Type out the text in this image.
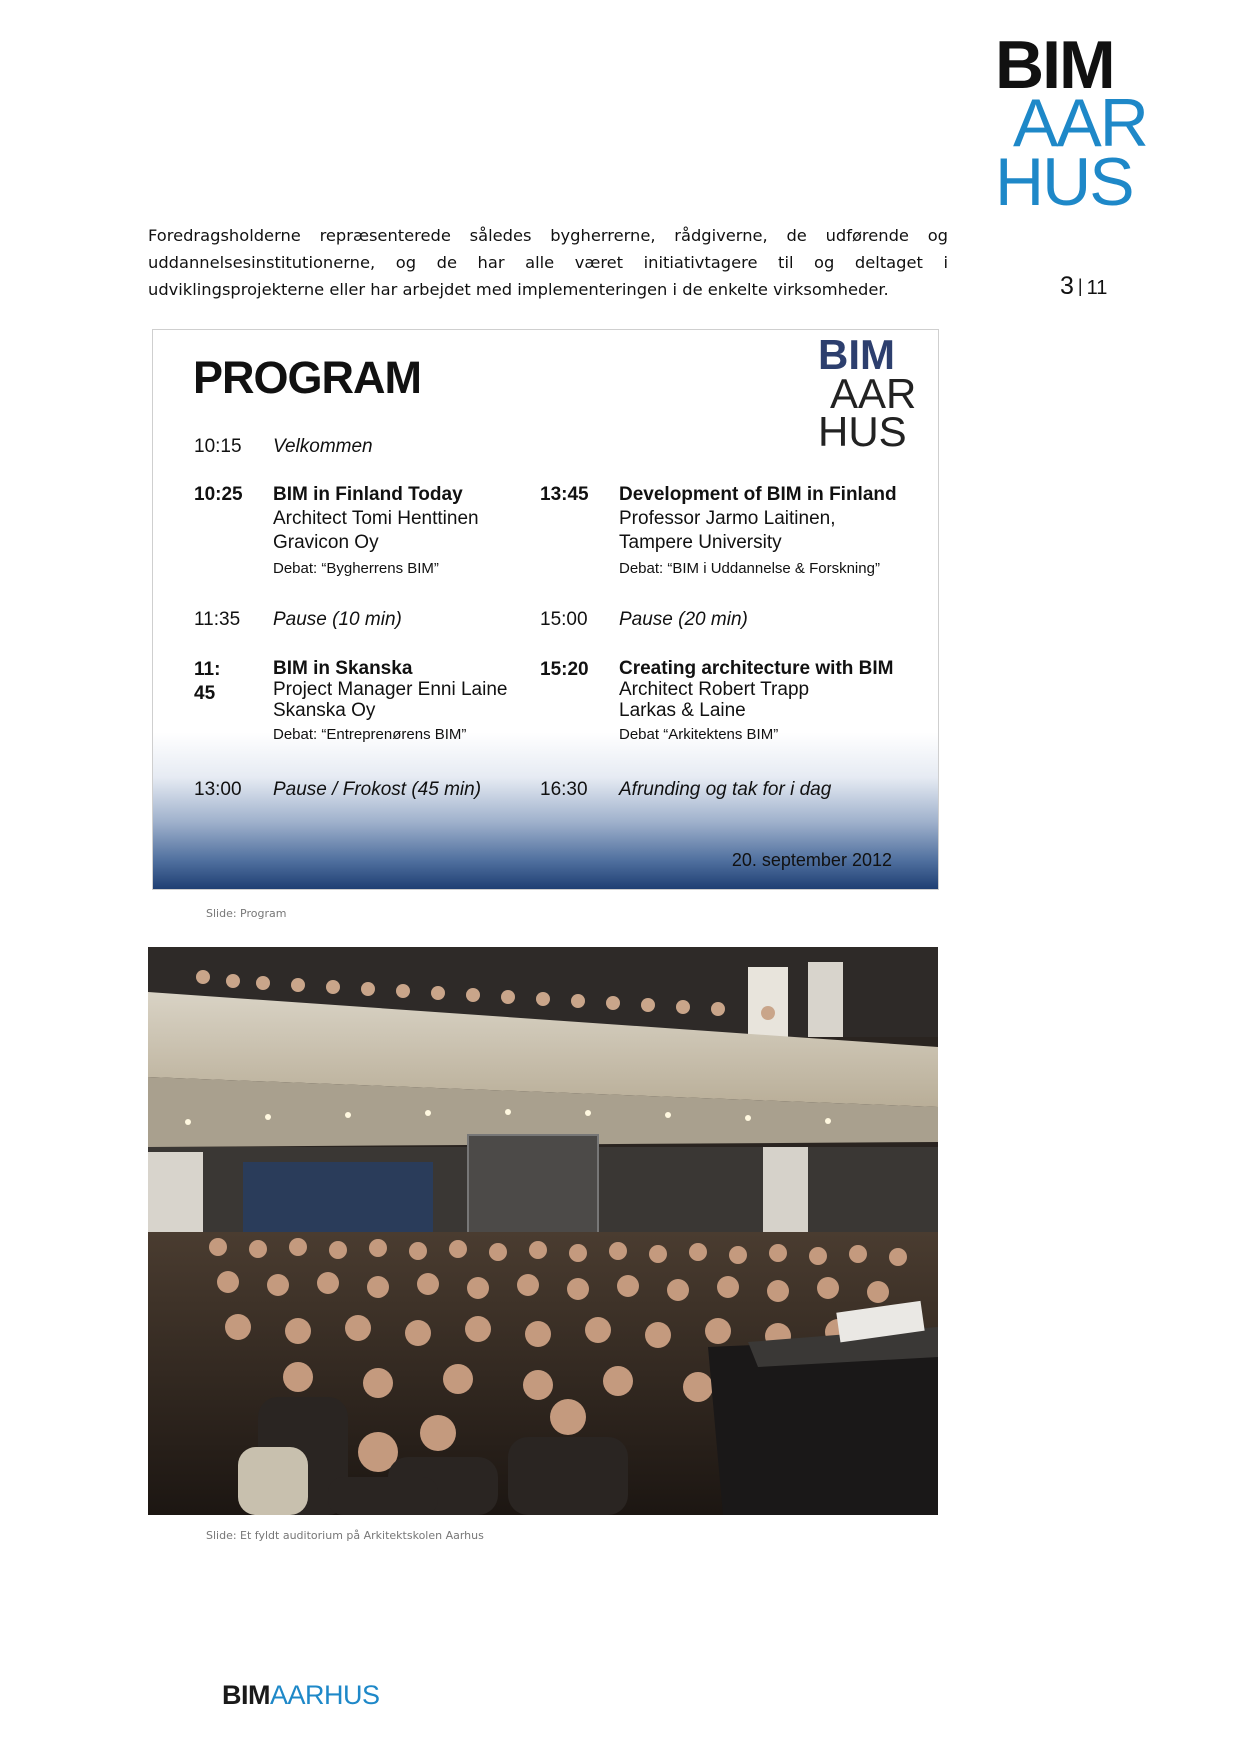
BIM
AAR
HUS
3 | 11

Foredragsholderne repræsenterede således bygherrerne, rådgiverne, de udførende og uddannelsesinstitutionerne, og de har alle været initiativtagere til og deltaget i udviklingsprojekterne eller har arbejdet med implementeringen i de enkelte virksomheder.

PROGRAM	BIM
AAR
HUS
10:15 Velkommen
10:25 BIM in Finland Today
Architect Tomi Henttinen
Gravicon Oy
Debat: “Bygherrens BIM”
11:35 Pause (10 min)
11: 45
BIM in Skanska
Project Manager Enni Laine
Skanska Oy
Debat: “Entreprenørens BIM”
13:00 Pause / Frokost (45 min)
13:45 Development of BIM in Finland
Professor Jarmo Laitinen,
Tampere University
Debat: “BIM i Uddannelse & Forskning”
15:00 Pause (20 min)
15:20 Creating architecture with BIM
Architect Robert Trapp
Larkas & Laine
Debat “Arkitektens BIM”
16:30 Afrunding og tak for i dag
20. september 2012
Slide: Program
Slide: Et fyldt auditorium på Arkitektskolen Aarhus
BIMAARHUS
